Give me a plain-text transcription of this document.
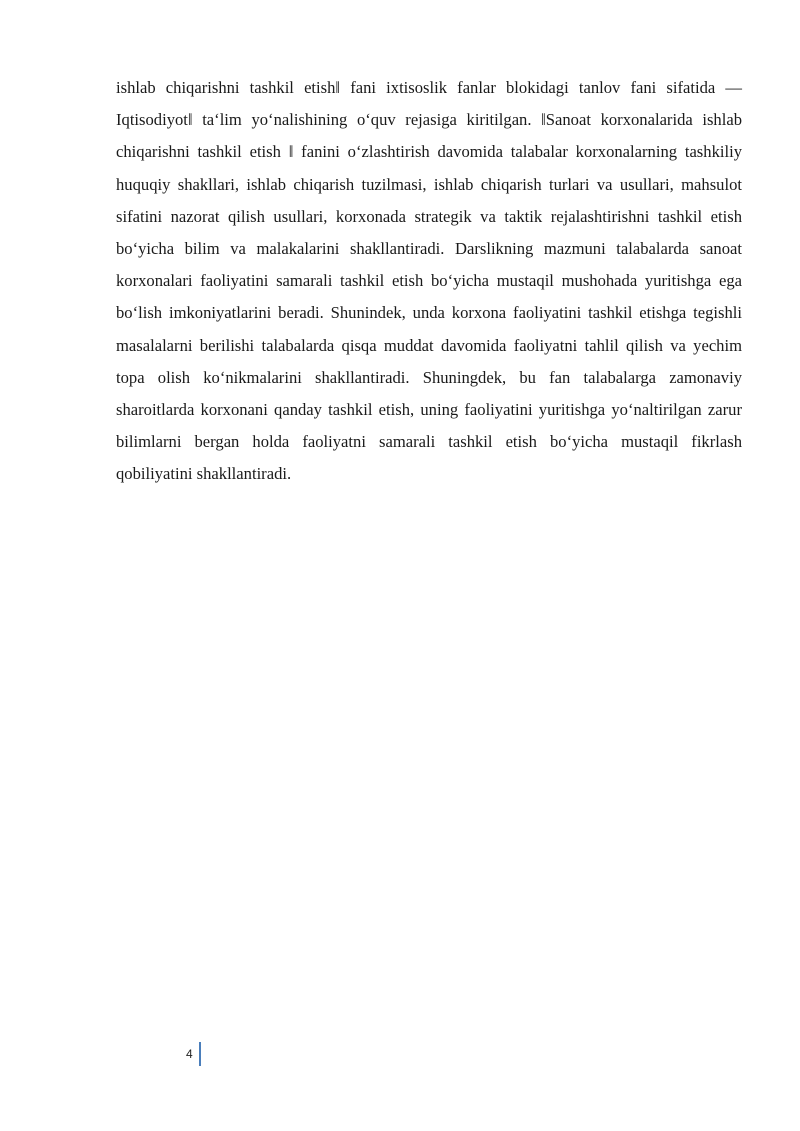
ishlab chiqarishni tashkil etish‖ fani ixtisoslik fanlar blokidagi tanlov fani sifatida —Iqtisodiyot‖ ta‘lim yo‘nalishining o‘quv rejasiga kiritilgan. ‖Sanoat korxonalarida ishlab chiqarishni tashkil etish ‖ fanini o‘zlashtirish davomida talabalar korxonalarning tashkiliy huquqiy shakllari, ishlab chiqarish tuzilmasi, ishlab chiqarish turlari va usullari, mahsulot sifatini nazorat qilish usullari, korxonada strategik va taktik rejalashtirishni tashkil etish bo‘yicha bilim va malakalarini shakllantiradi. Darslikning mazmuni talabalarda sanoat korxonalari faoliyatini samarali tashkil etish bo‘yicha mustaqil mushohada yuritishga ega bo‘lish imkoniyatlarini beradi. Shunindek, unda korxona faoliyatini tashkil etishga tegishli masalalarni berilishi talabalarda qisqa muddat davomida faoliyatni tahlil qilish va yechim topa olish ko‘nikmalarini shakllantiradi. Shuningdek, bu fan talabalarga zamonaviy sharoitlarda korxonani qanday tashkil etish, uning faoliyatini yuritishga yo‘naltirilgan zarur bilimlarni bergan holda faoliyatni samarali tashkil etish bo‘yicha mustaqil fikrlash qobiliyatini shakllantiradi.

4
